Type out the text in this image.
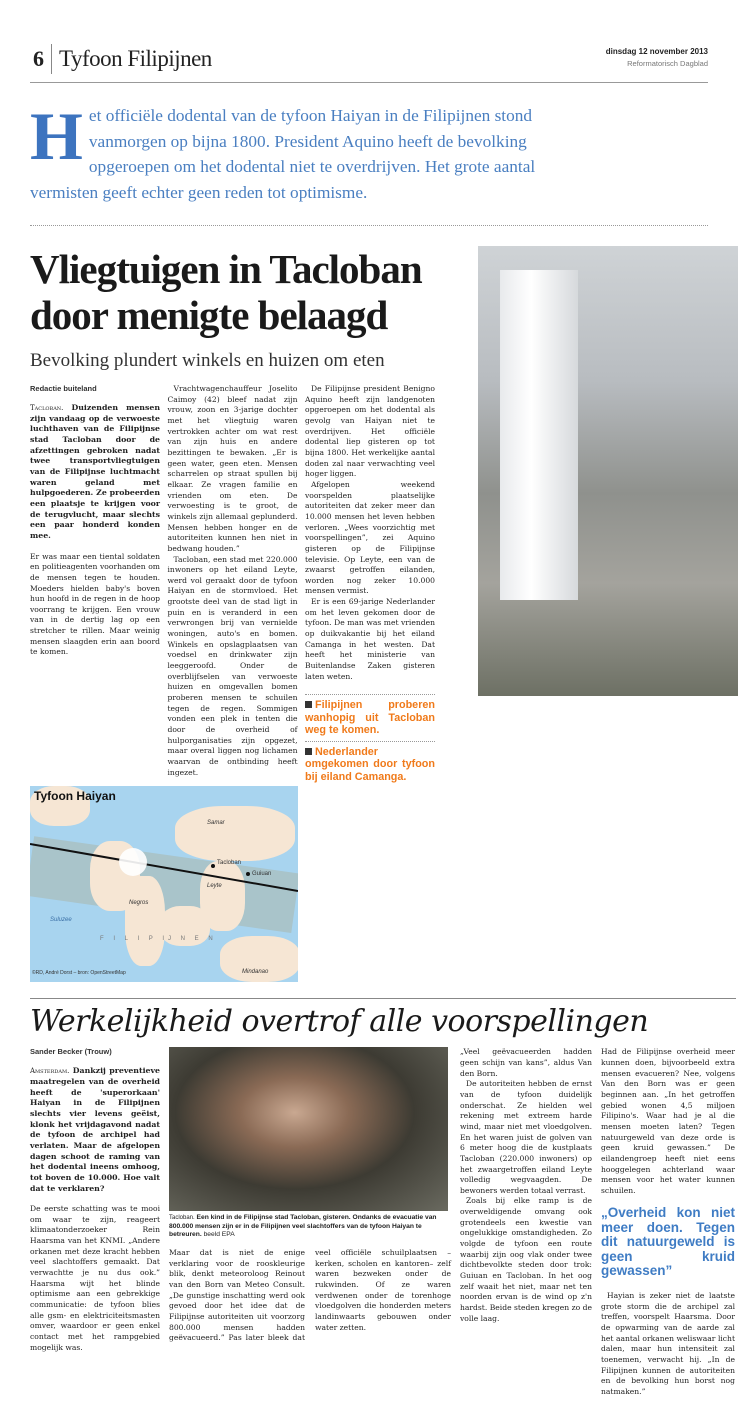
6 Tyfoon Filipijnen	dinsdag 12 november 2013
Reformatorisch Dagblad
Het officiële dodental van de tyfoon Haiyan in de Filipijnen stond vanmorgen op bijna 1800. President Aquino heeft de bevolking opgeroepen om het dodental niet te overdrijven. Het grote aantal vermisten geeft echter geen reden tot optimisme.
Vliegtuigen in Tacloban door menigte belaagd
Bevolking plundert winkels en huizen om eten
Redactie buiteland

Tacloban. Duizenden mensen zijn vandaag op de verwoeste luchthaven van de Filipijnse stad Tacloban door de afzettingen gebroken nadat twee transportvliegtuigen van de Filipijnse luchtmacht waren geland met hulpgoederen. Ze probeerden een plaatsje te krijgen voor de terugvlucht, maar slechts een paar honderd konden mee.

Er was maar een tiental soldaten en politieagenten voorhanden om de mensen tegen te houden. Moeders hielden baby's boven hun hoofd in de regen in de hoop voorrang te krijgen. Een vrouw van in de dertig lag op een stretcher te rillen. Maar weinig mensen slaagden erin aan boord te komen.

Vrachtwagenchauffeur Joselito Caimoy (42) bleef nadat zijn vrouw, zoon en 3-jarige dochter met het vliegtuig waren vertrokken achter om wat rest van zijn huis en andere bezittingen te bewaken. „Er is geen water, geen eten. Mensen scharrelen op straat spullen bij elkaar. Ze vragen familie en vrienden om eten. De verwoesting is te groot, de winkels zijn allemaal geplunderd. Mensen hebben honger en de autoriteiten kunnen hen niet in bedwang houden.”

Tacloban, een stad met 220.000 inwoners op het eiland Leyte, werd vol geraakt door de tyfoon Haiyan en de stormvloed. Het grootste deel van de stad ligt in puin en is veranderd in een verwrongen brij van vernielde woningen, auto's en bomen. Winkels en opslagplaatsen van voedsel en drinkwater zijn leeggeroofd. Onder de overblijfselen van verwoeste huizen en omgevallen bomen proberen mensen te schuilen tegen de regen. Sommigen vonden een plek in tenten die door de overheid of hulporganisaties zijn opgezet, maar overal liggen nog lichamen waarvan de ontbinding heeft ingezet.

De Filipijnse president Benigno Aquino heeft zijn landgenoten opgeroepen om het dodental als gevolg van Haiyan niet te overdrijven. Het officiële dodental liep gisteren op tot bijna 1800. Het werkelijke aantal doden zal naar verwachting veel hoger liggen.

Afgelopen weekend voorspelden plaatselijke autoriteiten dat zeker meer dan 10.000 mensen het leven hebben verloren. „Wees voorzichtig met voorspellingen”, zei Aquino gisteren op de Filipijnse televisie. Op Leyte, een van de zwaarst getroffen eilanden, worden nog zeker 10.000 mensen vermist.

Er is een 69-jarige Nederlander om het leven gekomen door de tyfoon. De man was met vrienden op duikvakantie bij het eiland Camanga in het westen. Dat heeft het ministerie van Buitenlandse Zaken gisteren laten weten.

Filipijnen proberen wanhopig uit Tacloban weg te komen.
Nederlander omgekomen door tyfoon bij eiland Camanga.
Tyfoon Haiyan
Samar
Tacloban
Guiuan
Leyte
Negros
Suluzee
F I L I P IJ N E N
Mindanao
©RD, André Dorst – bron: OpenStreetMap
Werkelijkheid overtrof alle voorspellingen
Sander Becker (Trouw)

Amsterdam. Dankzij preventieve maatregelen van de overheid heeft de 'superorkaan' Haiyan in de Filipijnen slechts vier levens geëist, klonk het vrijdagavond nadat de tyfoon de archipel had verlaten. Maar de afgelopen dagen schoot de raming van het dodental ineens omhoog, tot boven de 10.000. Hoe valt dat te verklaren?

De eerste schatting was te mooi om waar te zijn, reageert klimaatonderzoeker Rein Haarsma van het KNMI. „Andere orkanen met deze kracht hebben veel slachtoffers gemaakt. Dat verwachtte je nu dus ook.” Haarsma wijt het blinde optimisme aan een gebrekkige communicatie: de tyfoon blies alle gsm- en elektriciteitsmasten omver, waardoor er geen enkel contact met het rampgebied mogelijk was.

Tacloban. Een kind in de Filipijnse stad Tacloban, gisteren. Ondanks de evacuatie van 800.000 mensen zijn er in de Filipijnen veel slachtoffers van de tyfoon Haiyan te betreuren. beeld EPA

Maar dat is niet de enige verklaring voor de rooskleurige blik, denkt meteoroloog Reinout van den Born van Meteo Consult. „De gunstige inschatting werd ook gevoed door het idee dat de Filipijnse autoriteiten uit voorzorg 800.000 mensen hadden geëvacueerd.” Pas later bleek dat veel officiële schuilplaatsen –kerken, scholen en kantoren– zelf waren bezweken onder de rukwinden. Of ze waren verdwenen onder de torenhoge vloedgolven die honderden meters landinwaarts gebouwen onder water zetten.

„Veel geëvacueerden hadden geen schijn van kans”, aldus Van den Born.

De autoriteiten hebben de ernst van de tyfoon duidelijk onderschat. Ze hielden wel rekening met extreem harde wind, maar niet met vloedgolven. En het waren juist de golven van 6 meter hoog die de kustplaats Tacloban (220.000 inwoners) op het zwaargetroffen eiland Leyte volledig wegvaagden. De bewoners werden totaal verrast.

Zoals bij elke ramp is de overweldigende omvang ook grotendeels een kwestie van ongelukkige omstandigheden. Zo volgde de tyfoon een route waarbij zijn oog vlak onder twee dichtbevolkte steden door trok: Guiuan en Tacloban. In het oog zelf waait het niet, maar net ten noorden ervan is de wind op z'n hardst. Beide steden kregen zo de volle laag.

Had de Filipijnse overheid meer kunnen doen, bijvoorbeeld extra mensen evacueren? Nee, volgens Van den Born was er geen beginnen aan. „In het getroffen gebied wonen 4,5 miljoen Filipino's. Waar had je al die mensen moeten laten? Tegen natuurgeweld van deze orde is geen kruid gewassen.” De eilandengroep heeft niet eens hooggelegen achterland waar mensen voor het water kunnen schuilen.

„Overheid kon niet meer doen. Tegen dit natuurgeweld is geen kruid gewassen”

Hayian is zeker niet de laatste grote storm die de archipel zal treffen, voorspelt Haarsma. Door de opwarming van de aarde zal het aantal orkanen weliswaar licht dalen, maar hun intensiteit zal toenemen, verwacht hij. „In de Filipijnen kunnen de autoriteiten en de bevolking hun borst nog natmaken.”
